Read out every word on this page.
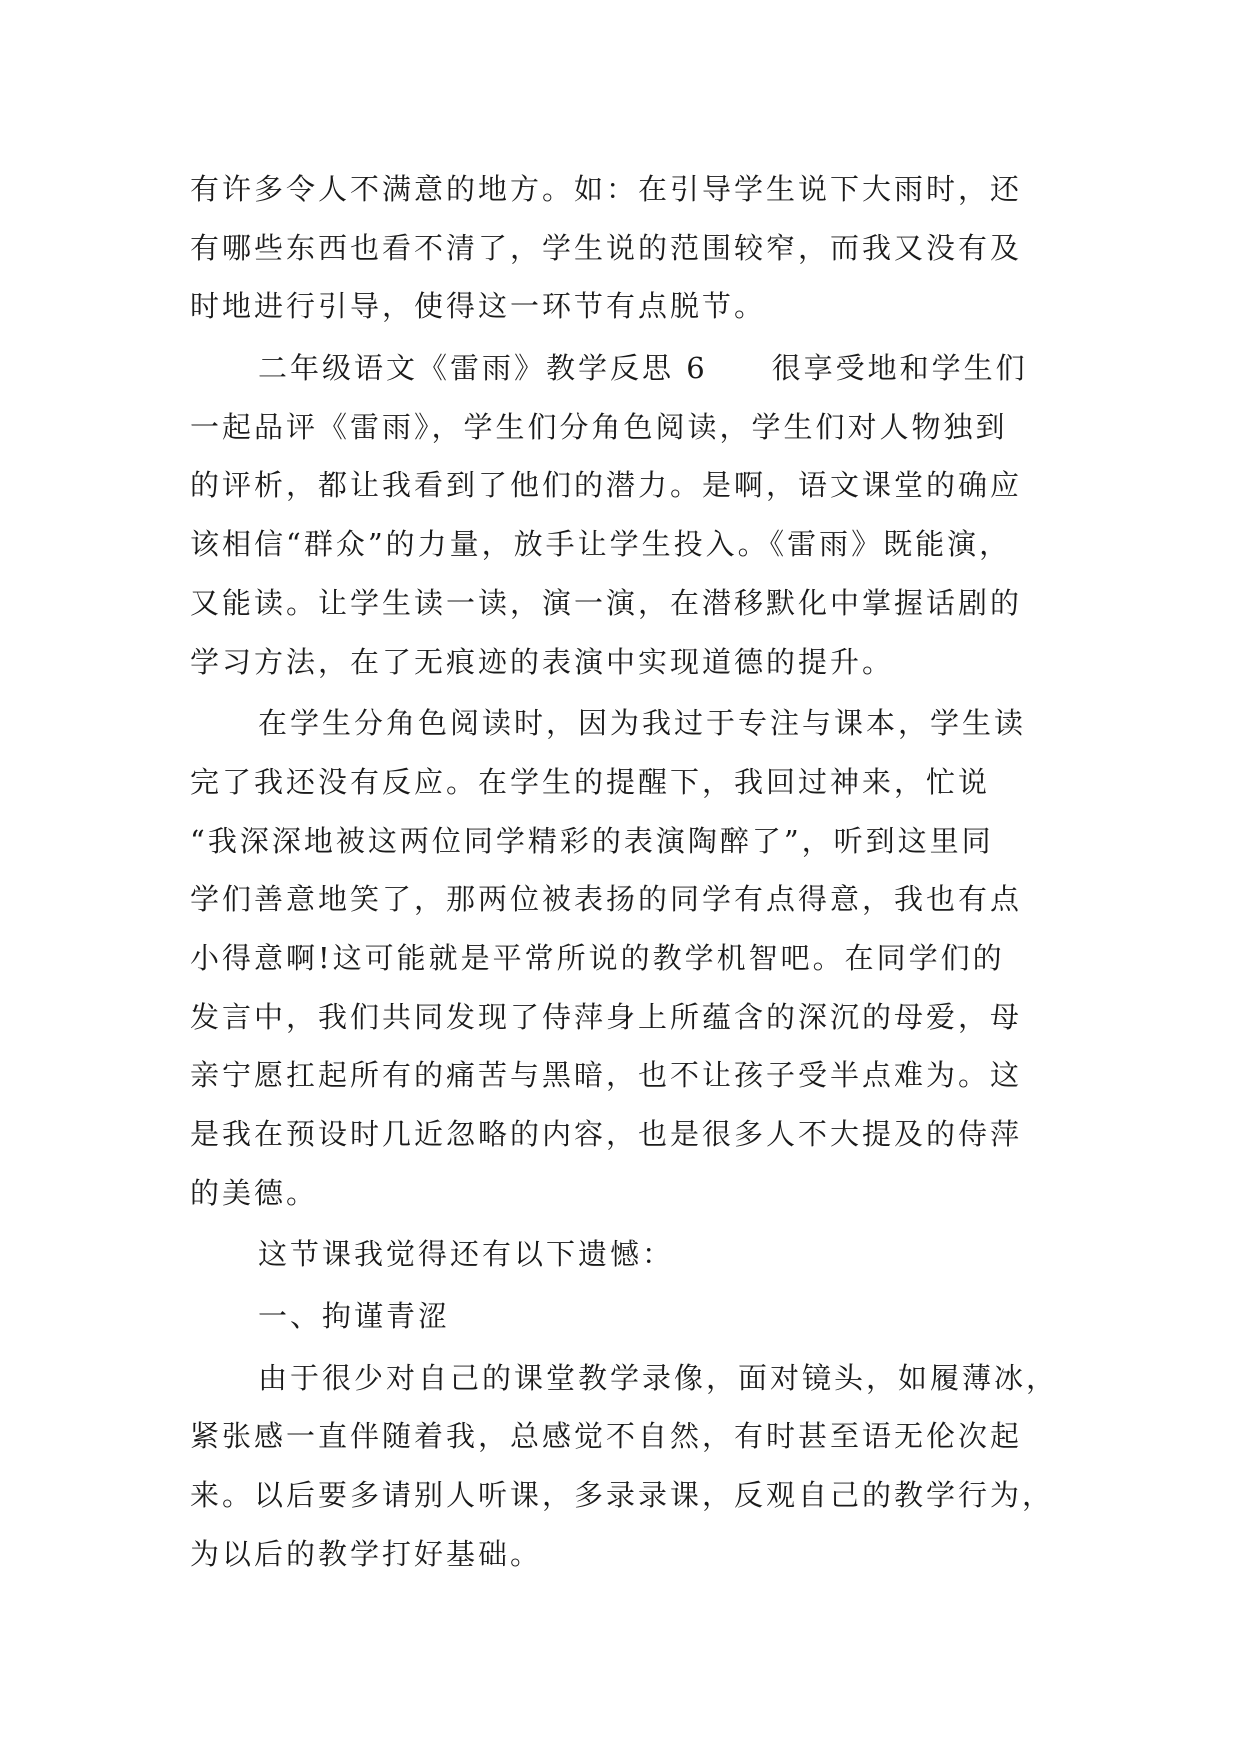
有许多令人不满意的地方。如：在引导学生说下大雨时，还
有哪些东西也看不清了，学生说的范围较窄，而我又没有及
时地进行引导，使得这一环节有点脱节。
二年级语文《雷雨》教学反思 6　　很享受地和学生们
一起品评《雷雨》，学生们分角色阅读，学生们对人物独到
的评析，都让我看到了他们的潜力。是啊，语文课堂的确应
该相信“群众”的力量，放手让学生投入。《雷雨》既能演，
又能读。让学生读一读，演一演，在潜移默化中掌握话剧的
学习方法，在了无痕迹的表演中实现道德的提升。
在学生分角色阅读时，因为我过于专注与课本，学生读
完了我还没有反应。在学生的提醒下，我回过神来，忙说
“我深深地被这两位同学精彩的表演陶醉了”，听到这里同
学们善意地笑了，那两位被表扬的同学有点得意，我也有点
小得意啊!这可能就是平常所说的教学机智吧。在同学们的
发言中，我们共同发现了侍萍身上所蕴含的深沉的母爱，母
亲宁愿扛起所有的痛苦与黑暗，也不让孩子受半点难为。这
是我在预设时几近忽略的内容，也是很多人不大提及的侍萍
的美德。
这节课我觉得还有以下遗憾：
一、拘谨青涩
由于很少对自己的课堂教学录像，面对镜头，如履薄冰，
紧张感一直伴随着我，总感觉不自然，有时甚至语无伦次起
来。以后要多请别人听课，多录录课，反观自己的教学行为，
为以后的教学打好基础。
